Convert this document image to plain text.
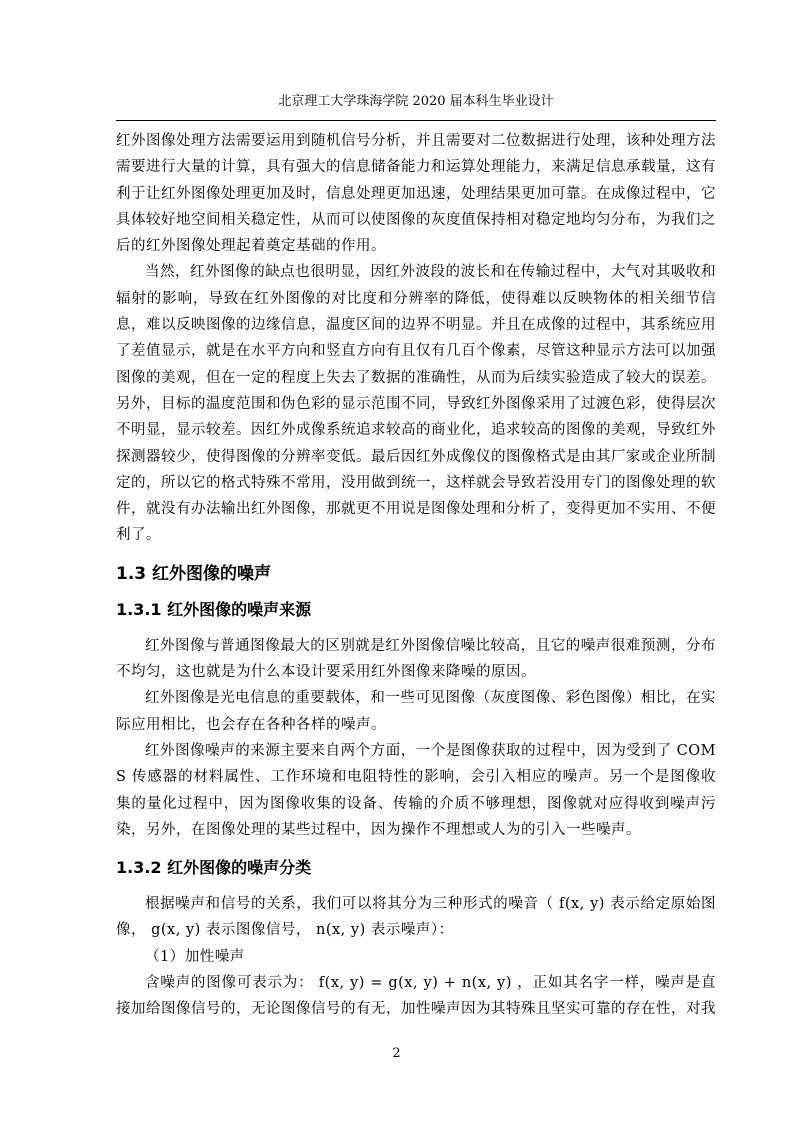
北京理工大学珠海学院 2020 届本科生毕业设计

红外图像处理方法需要运用到随机信号分析，并且需要对二位数据进行处理，该种处理方法需要进行大量的计算，具有强大的信息储备能力和运算处理能力，来满足信息承载量，这有利于让红外图像处理更加及时，信息处理更加迅速，处理结果更加可靠。在成像过程中，它具体较好地空间相关稳定性，从而可以使图像的灰度值保持相对稳定地均匀分布，为我们之后的红外图像处理起着奠定基础的作用。

当然，红外图像的缺点也很明显，因红外波段的波长和在传输过程中，大气对其吸收和辐射的影响，导致在红外图像的对比度和分辨率的降低，使得难以反映物体的相关细节信息，难以反映图像的边缘信息，温度区间的边界不明显。并且在成像的过程中，其系统应用了差值显示，就是在水平方向和竖直方向有且仅有几百个像素，尽管这种显示方法可以加强图像的美观，但在一定的程度上失去了数据的准确性，从而为后续实验造成了较大的误差。另外，目标的温度范围和伪色彩的显示范围不同，导致红外图像采用了过渡色彩，使得层次不明显，显示较差。因红外成像系统追求较高的商业化，追求较高的图像的美观，导致红外探测器较少，使得图像的分辨率变低。最后因红外成像仪的图像格式是由其厂家或企业所制定的，所以它的格式特殊不常用，没用做到统一，这样就会导致若没用专门的图像处理的软件，就没有办法输出红外图像，那就更不用说是图像处理和分析了，变得更加不实用、不便利了。

1.3 红外图像的噪声
1.3.1 红外图像的噪声来源

红外图像与普通图像最大的区别就是红外图像信噪比较高，且它的噪声很难预测，分布不均匀，这也就是为什么本设计要采用红外图像来降噪的原因。

红外图像是光电信息的重要载体，和一些可见图像（灰度图像、彩色图像）相比，在实际应用相比，也会存在各种各样的噪声。

红外图像噪声的来源主要来自两个方面，一个是图像获取的过程中，因为受到了 COMS 传感器的材料属性、工作环境和电阻特性的影响，会引入相应的噪声。另一个是图像收集的量化过程中，因为图像收集的设备、传输的介质不够理想，图像就对应得收到噪声污染，另外，在图像处理的某些过程中，因为操作不理想或人为的引入一些噪声。

1.3.2 红外图像的噪声分类

根据噪声和信号的关系，我们可以将其分为三种形式的噪音（ f(x, y) 表示给定原始图像， g(x, y) 表示图像信号， n(x, y) 表示噪声）：

（1）加性噪声

含噪声的图像可表示为： f(x, y) = g(x, y) + n(x, y) ，正如其名字一样，噪声是直接加给图像信号的，无论图像信号的有无，加性噪声因为其特殊且坚实可靠的存在性，对我

2
